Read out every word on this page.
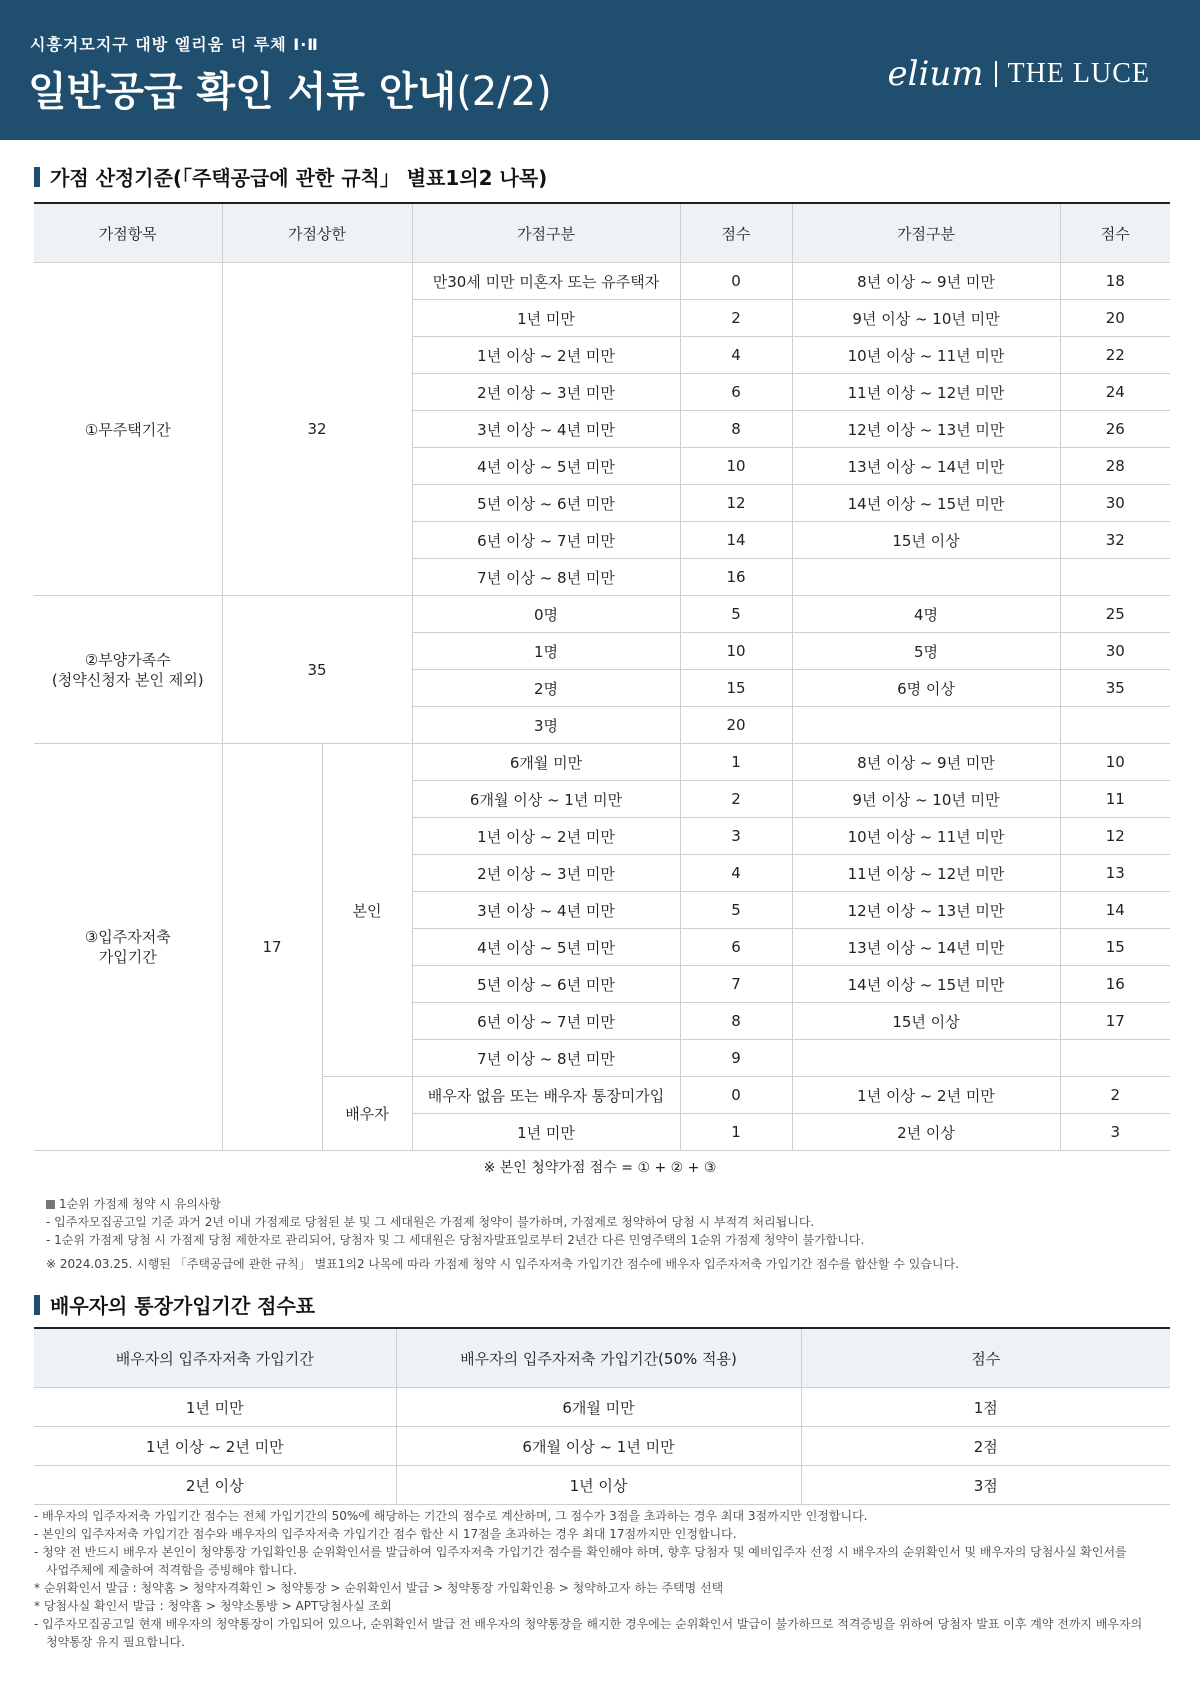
시흥거모지구 대방 엘리움 더 루체 Ⅰ·Ⅱ
일반공급 확인 서류 안내(2/2)	elium THE LUCE
가점 산정기준(「주택공급에 관한 규칙」 별표1의2 나목)
가점항목	가점상한		가점구분	점수	가점구분	점수
①무주택기간	32		만30세 미만 미혼자 또는 유주택자	0	8년 이상 ~ 9년 미만	18
			1년 미만	2	9년 이상 ~ 10년 미만	20
			1년 이상 ~ 2년 미만	4	10년 이상 ~ 11년 미만	22
			2년 이상 ~ 3년 미만	6	11년 이상 ~ 12년 미만	24
			3년 이상 ~ 4년 미만	8	12년 이상 ~ 13년 미만	26
			4년 이상 ~ 5년 미만	10	13년 이상 ~ 14년 미만	28
			5년 이상 ~ 6년 미만	12	14년 이상 ~ 15년 미만	30
			6년 이상 ~ 7년 미만	14	15년 이상	32
			7년 이상 ~ 8년 미만	16		

②부양가족수
(청약신청자 본인 제외)	35		0명	5	4명	25
			1명	10	5명	30
			2명	15	6명 이상	35
			3명	20		

③입주자저축
가입기간	17	본인	6개월 미만	1	8년 이상 ~ 9년 미만	10
			6개월 이상 ~ 1년 미만	2	9년 이상 ~ 10년 미만	11
			1년 이상 ~ 2년 미만	3	10년 이상 ~ 11년 미만	12
			2년 이상 ~ 3년 미만	4	11년 이상 ~ 12년 미만	13
			3년 이상 ~ 4년 미만	5	12년 이상 ~ 13년 미만	14
			4년 이상 ~ 5년 미만	6	13년 이상 ~ 14년 미만	15
			5년 이상 ~ 6년 미만	7	14년 이상 ~ 15년 미만	16
			6년 이상 ~ 7년 미만	8	15년 이상	17
			7년 이상 ~ 8년 미만	9		
		배우자	배우자 없음 또는 배우자 통장미가입	0	1년 이상 ~ 2년 미만	2
			1년 미만	1	2년 이상	3
※ 본인 청약가점 점수 = ① + ② + ③
1순위 가점제 청약 시 유의사항
- 입주자모집공고일 기준 과거 2년 이내 가점제로 당첨된 분 및 그 세대원은 가점제 청약이 불가하며, 가점제로 청약하여 당첨 시 부적격 처리됩니다.
- 1순위 가점제 당첨 시 가점제 당첨 제한자로 관리되어, 당첨자 및 그 세대원은 당첨자발표일로부터 2년간 다른 민영주택의 1순위 가점제 청약이 불가합니다.
※ 2024.03.25. 시행된 「주택공급에 관한 규칙」 별표1의2 나목에 따라 가점제 청약 시 입주자저축 가입기간 점수에 배우자 입주자저축 가입기간 점수를 합산할 수 있습니다.
배우자의 통장가입기간 점수표
배우자의 입주자저축 가입기간	배우자의 입주자저축 가입기간(50% 적용)	점수
1년 미만	6개월 미만	1점
1년 이상 ~ 2년 미만	6개월 이상 ~ 1년 미만	2점
2년 이상	1년 이상	3점
- 배우자의 입주자저축 가입기간 점수는 전체 가입기간의 50%에 해당하는 기간의 점수로 계산하며, 그 점수가 3점을 초과하는 경우 최대 3점까지만 인정합니다.
- 본인의 입주자저축 가입기간 점수와 배우자의 입주자저축 가입기간 점수 합산 시 17점을 초과하는 경우 최대 17점까지만 인정합니다.
- 청약 전 반드시 배우자 본인이 청약통장 가입확인용 순위확인서를 발급하여 입주자저축 가입기간 점수를 확인해야 하며, 향후 당첨자 및 예비입주자 선정 시 배우자의 순위확인서 및 배우자의 당첨사실 확인서를
사업주체에 제출하여 적격함을 증빙해야 합니다.
* 순위확인서 발급 : 청약홈 > 청약자격확인 > 청약통장 > 순위확인서 발급 > 청약통장 가입확인용 > 청약하고자 하는 주택명 선택
* 당첨사실 확인서 발급 : 청약홈 > 청약소통방 > APT당첨사실 조회
- 입주자모집공고일 현재 배우자의 청약통장이 가입되어 있으나, 순위확인서 발급 전 배우자의 청약통장을 해지한 경우에는 순위확인서 발급이 불가하므로 적격증빙을 위하여 당첨자 발표 이후 계약 전까지 배우자의
청약통장 유지 필요합니다.
